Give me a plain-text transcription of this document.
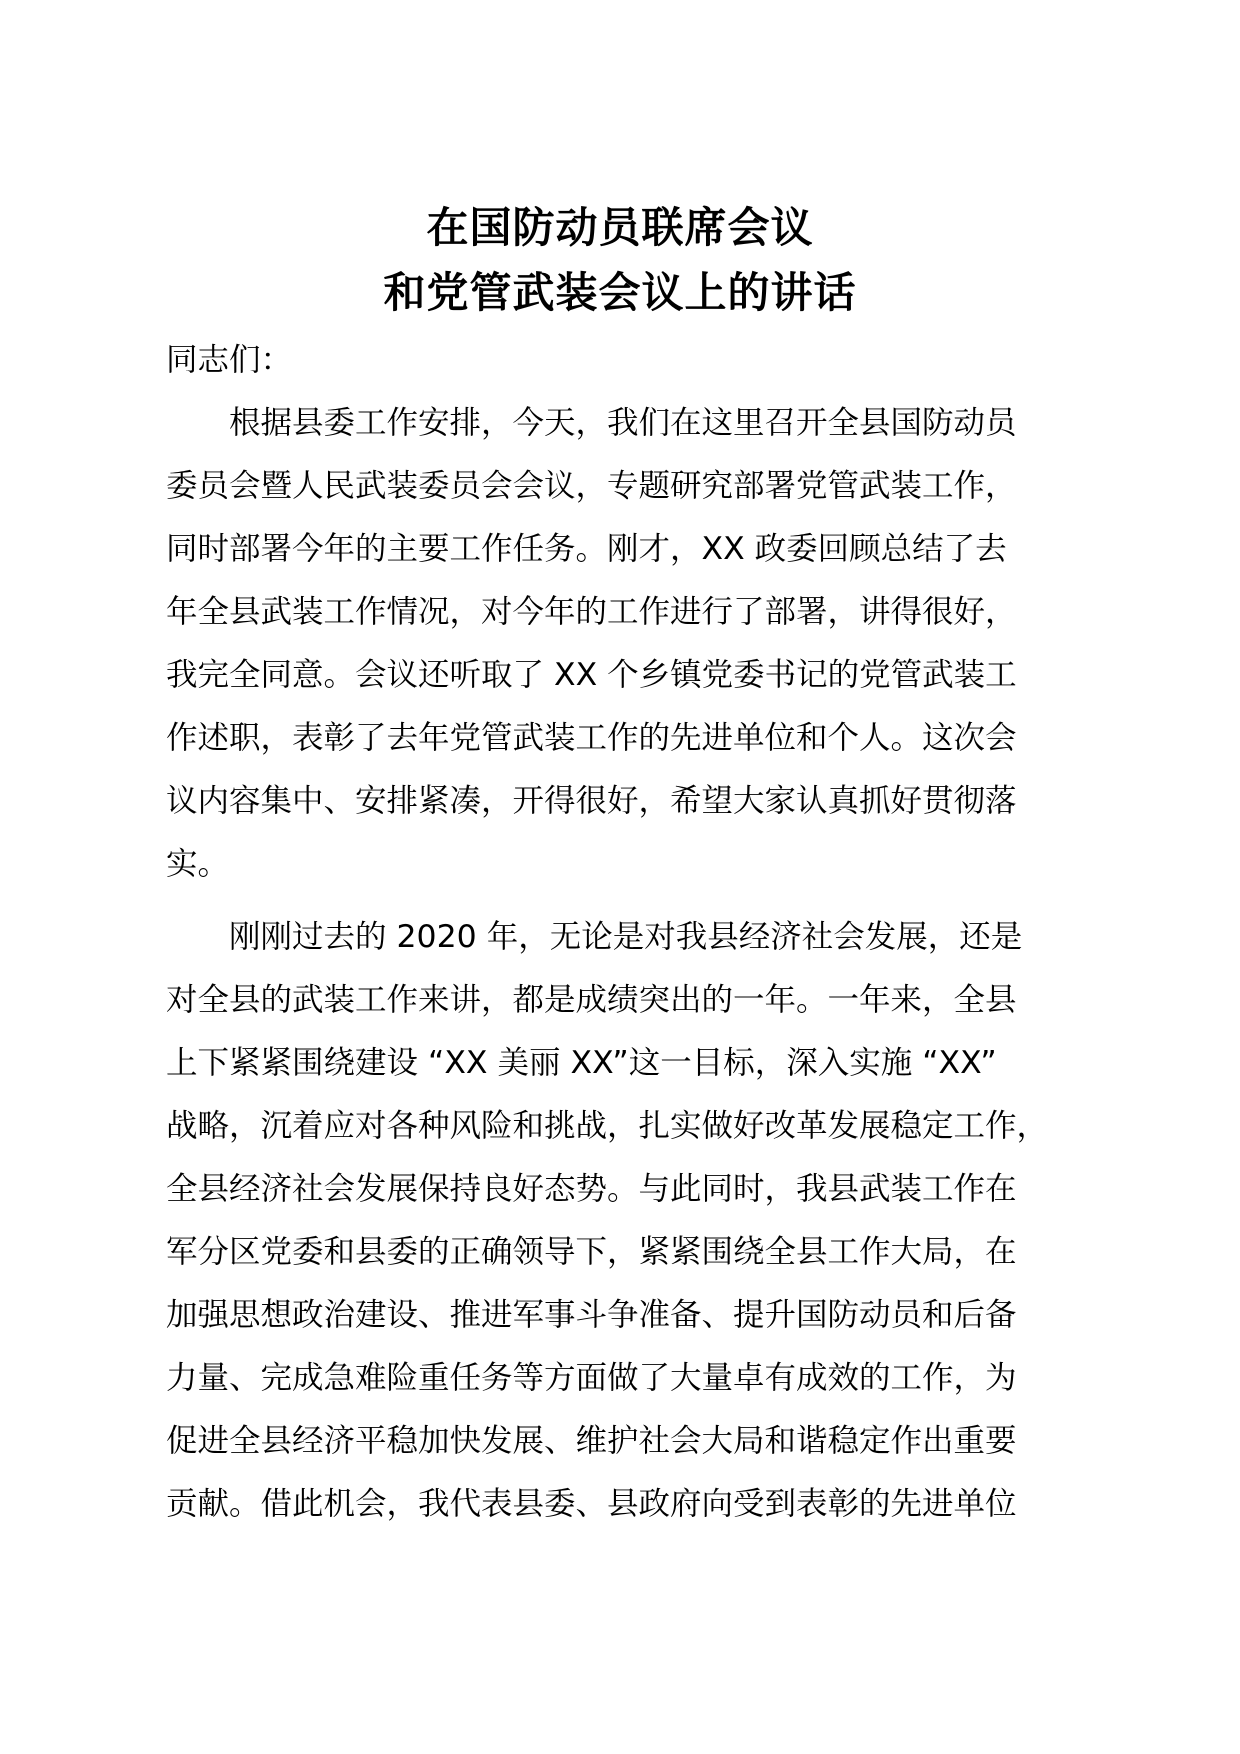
在国防动员联席会议
和党管武装会议上的讲话
同志们：
　　根据县委工作安排，今天，我们在这里召开全县国防动员
委员会暨人民武装委员会会议，专题研究部署党管武装工作，
同时部署今年的主要工作任务。刚才，XX 政委回顾总结了去
年全县武装工作情况，对今年的工作进行了部署，讲得很好，
我完全同意。会议还听取了 XX 个乡镇党委书记的党管武装工
作述职，表彰了去年党管武装工作的先进单位和个人。这次会
议内容集中、安排紧凑，开得很好，希望大家认真抓好贯彻落
实。
　　刚刚过去的 2020 年，无论是对我县经济社会发展，还是
对全县的武装工作来讲，都是成绩突出的一年。一年来，全县
上下紧紧围绕建设 “XX 美丽 XX”这一目标，深入实施 “XX”
战略，沉着应对各种风险和挑战，扎实做好改革发展稳定工作，
全县经济社会发展保持良好态势。与此同时，我县武装工作在
军分区党委和县委的正确领导下，紧紧围绕全县工作大局，在
加强思想政治建设、推进军事斗争准备、提升国防动员和后备
力量、完成急难险重任务等方面做了大量卓有成效的工作，为
促进全县经济平稳加快发展、维护社会大局和谐稳定作出重要
贡献。借此机会，我代表县委、县政府向受到表彰的先进单位
